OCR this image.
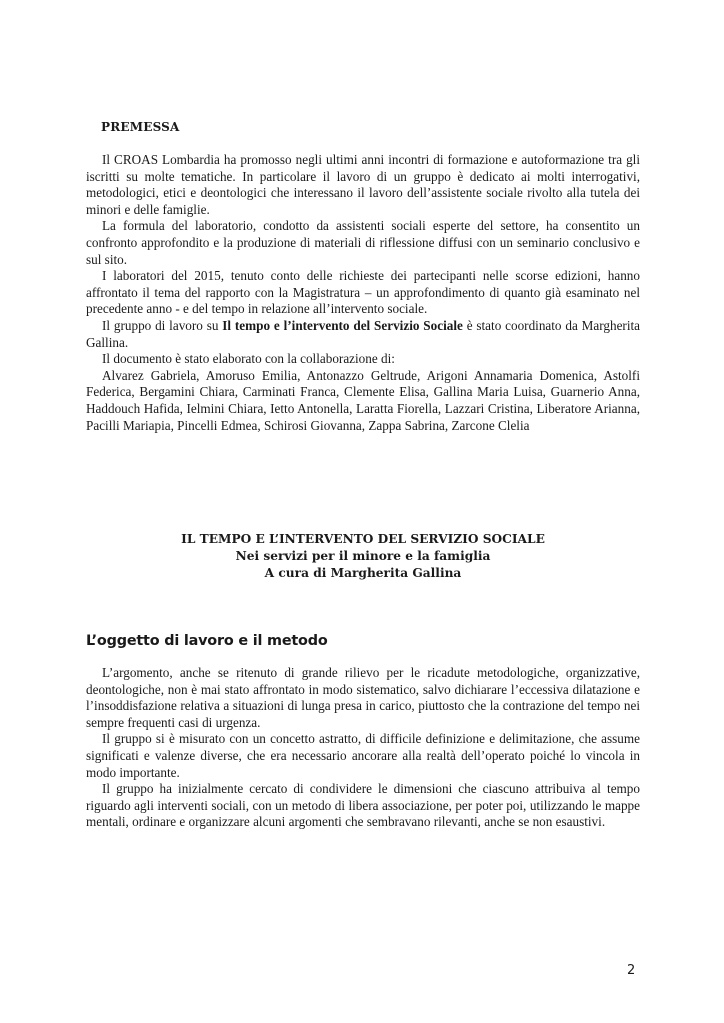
PREMESSA

Il CROAS Lombardia ha promosso negli ultimi anni incontri di formazione e autoformazione tra gli iscritti su molte tematiche. In particolare il lavoro di un gruppo è dedicato ai molti interrogativi, metodologici, etici e deontologici che interessano il lavoro dell’assistente sociale rivolto alla tutela dei minori e delle famiglie.

La formula del laboratorio, condotto da assistenti sociali esperte del settore, ha consentito un confronto approfondito e la produzione di materiali di riflessione diffusi con un seminario conclusivo e sul sito.

I laboratori del 2015, tenuto conto delle richieste dei partecipanti nelle scorse edizioni, hanno affrontato il tema del rapporto con la Magistratura – un approfondimento di quanto già esaminato nel precedente anno - e del tempo in relazione all’intervento sociale.

Il gruppo di lavoro su Il tempo e l’intervento del Servizio Sociale è stato coordinato da Margherita Gallina.

Il documento è stato elaborato con la collaborazione di:

Alvarez Gabriela, Amoruso Emilia, Antonazzo Geltrude, Arigoni Annamaria Domenica, Astolfi Federica, Bergamini Chiara, Carminati Franca, Clemente Elisa, Gallina Maria Luisa, Guarnerio Anna, Haddouch Hafida, Ielmini Chiara, Ietto Antonella, Laratta Fiorella, Lazzari Cristina, Liberatore Arianna, Pacilli Mariapia, Pincelli Edmea, Schirosi Giovanna, Zappa Sabrina, Zarcone Clelia

IL TEMPO E L’INTERVENTO DEL SERVIZIO SOCIALE
Nei servizi per il minore e la famiglia
A cura di Margherita Gallina
L’oggetto di lavoro e il metodo

L’argomento, anche se ritenuto di grande rilievo per le ricadute metodologiche, organizzative, deontologiche, non è mai stato affrontato in modo sistematico, salvo dichiarare l’eccessiva dilatazione e l’insoddisfazione relativa a situazioni di lunga presa in carico, piuttosto che la contrazione del tempo nei sempre frequenti casi di urgenza.

Il gruppo si è misurato con un concetto astratto, di difficile definizione e delimitazione, che assume significati e valenze diverse, che era necessario ancorare alla realtà dell’operato poiché lo vincola in modo importante.

Il gruppo ha inizialmente cercato di condividere le dimensioni che ciascuno attribuiva al tempo riguardo agli interventi sociali, con un metodo di libera associazione, per poter poi, utilizzando le mappe mentali, ordinare e organizzare alcuni argomenti che sembravano rilevanti, anche se non esaustivi.

2
